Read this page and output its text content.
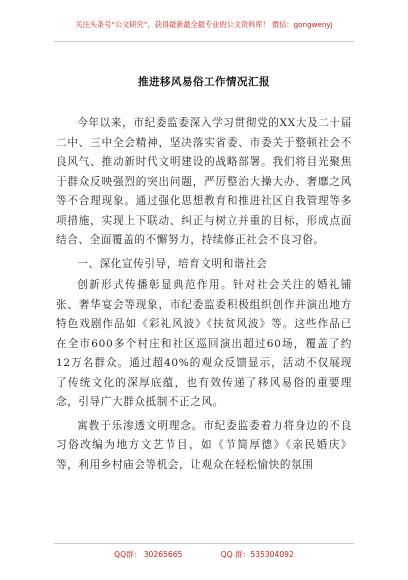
关注头条号“公文研究”，获得最新最全最专业的公文资料库！ 微信：gongwenyj
推进移风易俗工作情况汇报

今年以来，市纪委监委深入学习贯彻党的XX大及二十届二中、三中全会精神，坚决落实省委、市委关于整顿社会不良风气、推动新时代文明建设的战略部署。我们将目光聚焦于群众反映强烈的突出问题，严厉整治大操大办、奢靡之风等不合理现象。通过强化思想教育和推进社区自我管理等多项措施，实现上下联动、纠正与树立并重的目标，形成点面结合、全面覆盖的不懈努力，持续修正社会不良习俗。

一、深化宣传引导，培育文明和谐社会

创新形式传播彰显典范作用。针对社会关注的婚礼铺张、奢华宴会等现象，市纪委监委积极组织创作并演出地方特色戏剧作品如《彩礼风波》《扶贫风波》等。这些作品已在全市600多个村庄和社区巡回演出超过60场，覆盖了约12万名群众。通过超40%的观众反馈显示，活动不仅展现了传统文化的深厚底蕴，也有效传递了移风易俗的重要理念，引导广大群众抵制不正之风。

寓教于乐渗透文明理念。市纪委监委着力将身边的不良习俗改编为地方文艺节目，如《节简厚德》《亲民婚庆》等，利用乡村庙会等机会，让观众在轻松愉快的氛围

QQ群： 30265665	QQ 群：535304092
